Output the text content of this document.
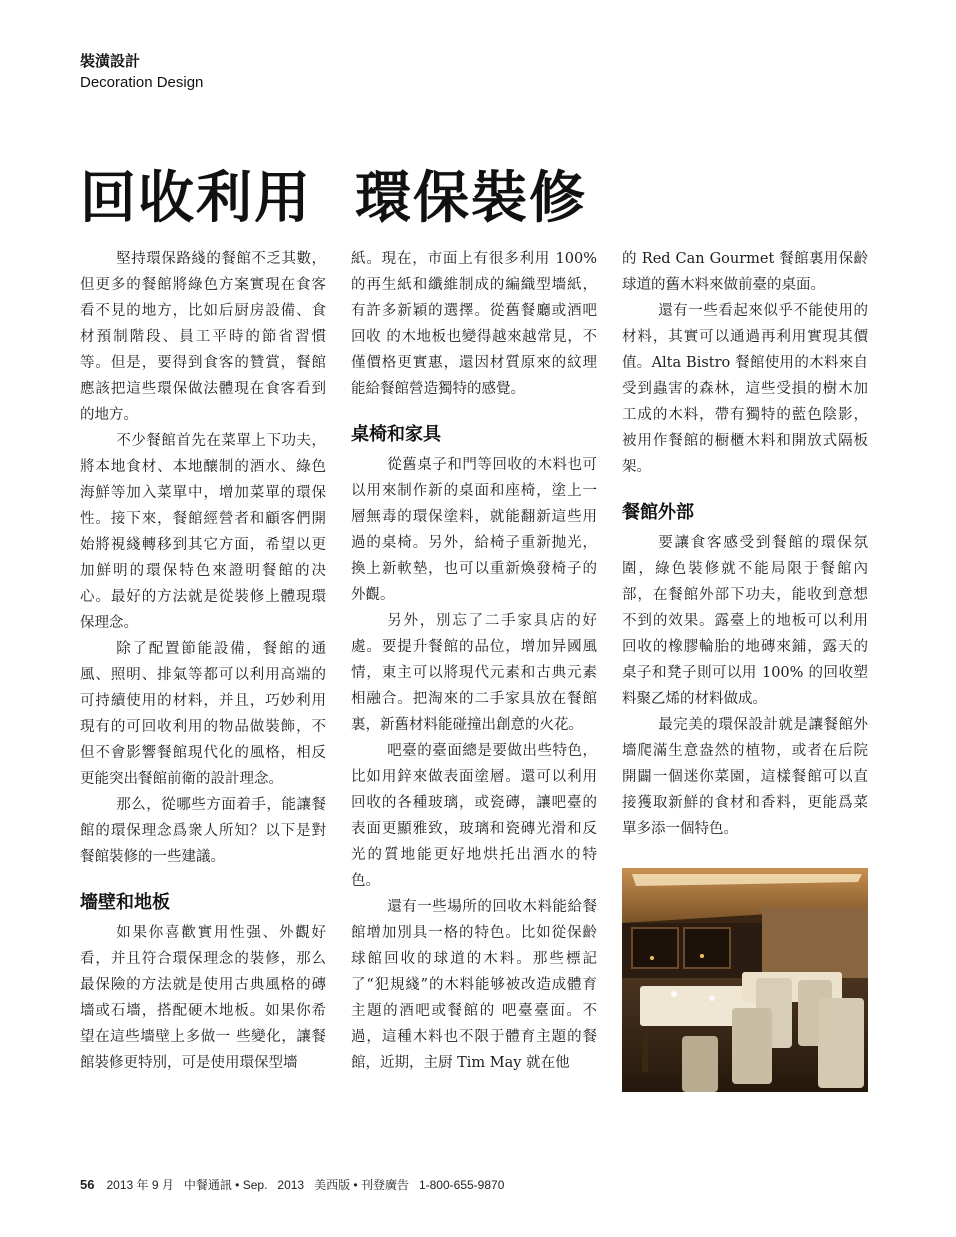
裝潢設計
Decoration Design
回收利用  環保裝修

堅持環保路綫的餐館不乏其數，但更多的餐館將綠色方案實現在食客看不見的地方，比如后厨房設備、食材預制階段、員工平時的節省習慣等。但是，要得到食客的贊賞，餐館應該把這些環保做法體現在食客看到的地方。

不少餐館首先在菜單上下功夫，將本地食材、本地釀制的酒水、綠色海鮮等加入菜單中，增加菜單的環保性。接下來，餐館經營者和顧客們開始將視綫轉移到其它方面，希望以更加鮮明的環保特色來證明餐館的决心。最好的方法就是從裝修上體現環保理念。

除了配置節能設備，餐館的通風、照明、排氣等都可以利用高端的可持續使用的材料，并且，巧妙利用現有的可回收利用的物品做裝飾，不但不會影響餐館現代化的風格，相反更能突出餐館前衛的設計理念。

那么，從哪些方面着手，能讓餐館的環保理念爲衆人所知？以下是對餐館裝修的一些建議。

墻壁和地板

如果你喜歡實用性强、外觀好看，并且符合環保理念的裝修，那么最保險的方法就是使用古典風格的磚墻或石墻，搭配硬木地板。如果你希望在這些墻壁上多做一 些變化，讓餐館裝修更特別，可是使用環保型墻

紙。現在，市面上有很多利用 100% 的再生紙和纖維制成的編織型墻紙，有許多新穎的選擇。從舊餐廳或酒吧回收 的木地板也變得越來越常見，不僅價格更實惠，還因材質原來的紋理能給餐館營造獨特的感覺。

桌椅和家具

從舊桌子和門等回收的木料也可以用來制作新的桌面和座椅，塗上一層無毒的環保塗料，就能翻新這些用過的桌椅。另外，給椅子重新抛光，換上新軟墊，也可以重新煥發椅子的外觀。

另外，別忘了二手家具店的好處。要提升餐館的品位，增加异國風情，東主可以將現代元素和古典元素相融合。把淘來的二手家具放在餐館裏，新舊材料能碰撞出創意的火花。

吧臺的臺面總是要做出些特色，比如用鋅來做表面塗層。還可以利用回收的各種玻璃，或瓷磚，讓吧臺的表面更顯雅致，玻璃和瓷磚光滑和反光的質地能更好地烘托出酒水的特色。

還有一些場所的回收木料能給餐館增加別具一格的特色。比如從保齡球館回收的球道的木料。那些標記了“犯規綫”的木料能够被改造成體育主題的酒吧或餐館的 吧臺臺面。不過，這種木料也不限于體育主題的餐館，近期，主厨 Tim May 就在他

的 Red Can Gourmet 餐館裏用保齡球道的舊木料來做前臺的桌面。

還有一些看起來似乎不能使用的材料，其實可以通過再利用實現其價值。Alta Bistro 餐館使用的木料來自受到蟲害的森林，這些受損的樹木加工成的木料，帶有獨特的藍色陰影，被用作餐館的橱櫃木料和開放式隔板架。

餐館外部

要讓食客感受到餐館的環保氛圍，綠色裝修就不能局限于餐館內部，在餐館外部下功夫，能收到意想不到的效果。露臺上的地板可以利用回收的橡膠輪胎的地磚來鋪，露天的桌子和凳子則可以用 100% 的回收塑料聚乙烯的材料做成。

最完美的環保設計就是讓餐館外墻爬滿生意盎然的植物，或者在后院開闢一個迷你菜園，這樣餐館可以直接獲取新鮮的食材和香料，更能爲菜單多添一個特色。

56 2013 年 9 月   中餐通訊 • Sep.   2013   美西版 • 刊登廣告   1-800-655-9870
